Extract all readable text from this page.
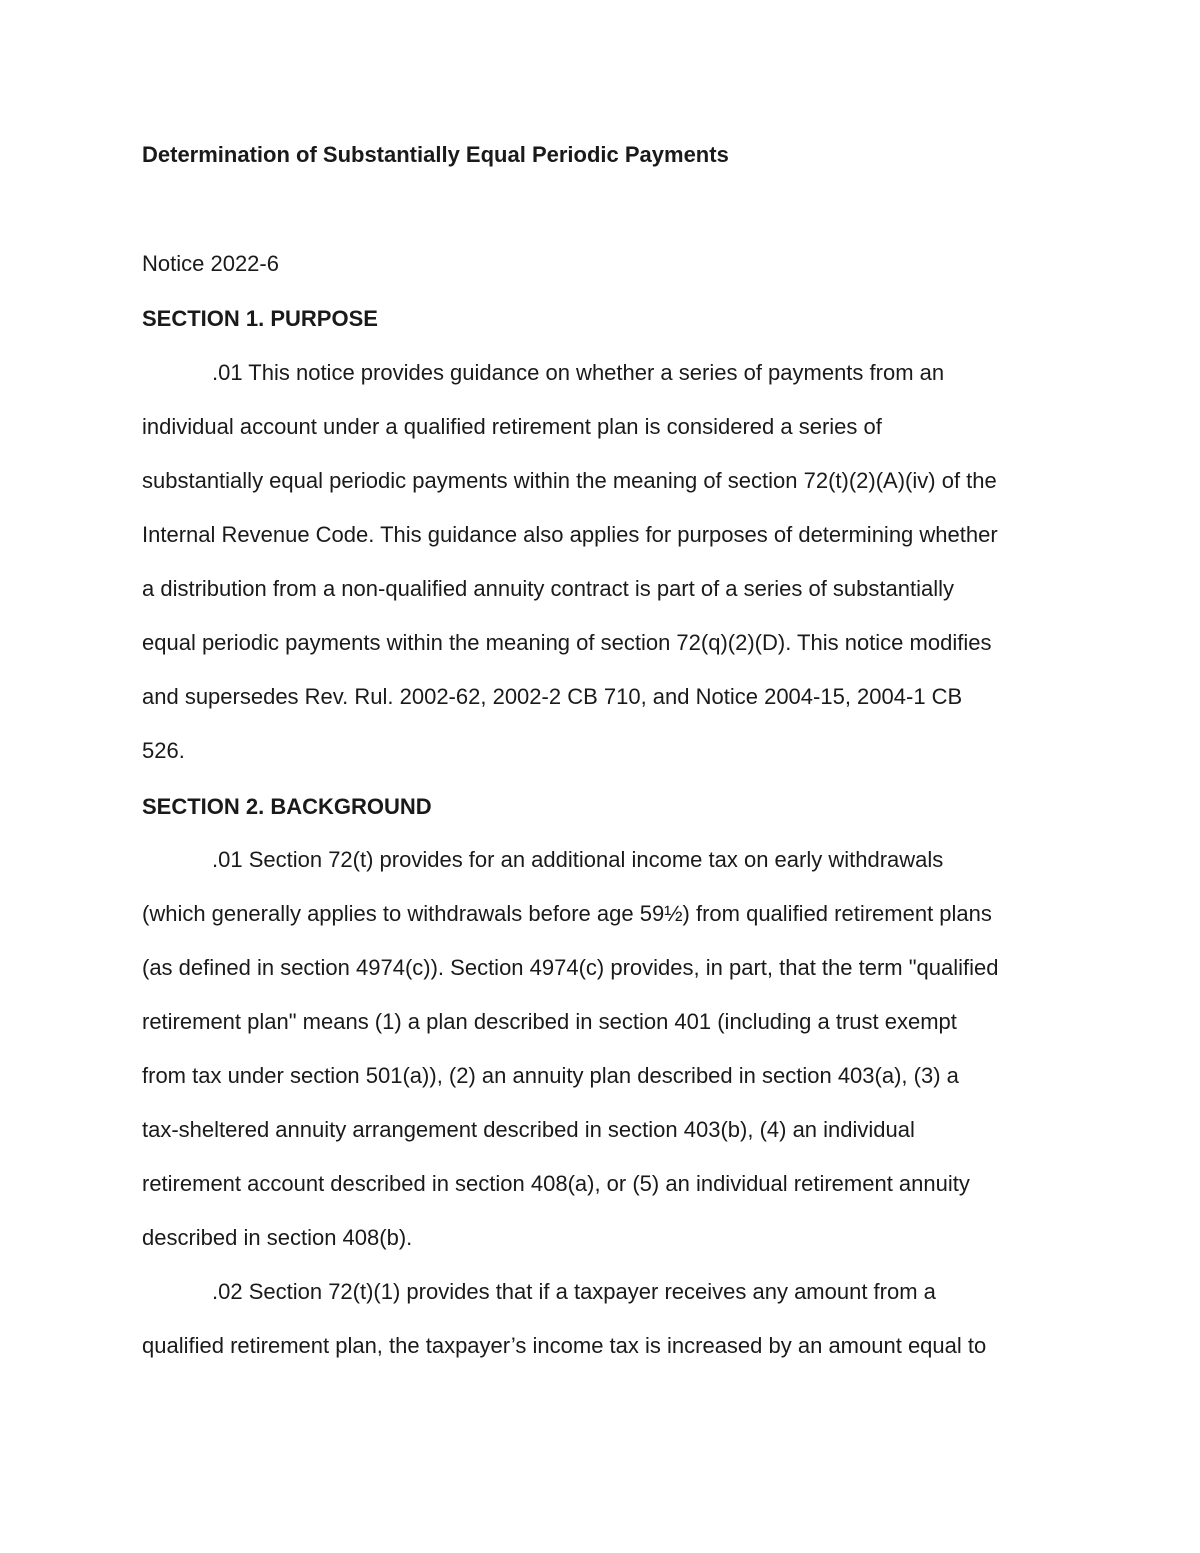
Determination of Substantially Equal Periodic Payments

Notice 2022-6

SECTION 1. PURPOSE

.01 This notice provides guidance on whether a series of payments from an

individual account under a qualified retirement plan is considered a series of

substantially equal periodic payments within the meaning of section 72(t)(2)(A)(iv) of the

Internal Revenue Code. This guidance also applies for purposes of determining whether

a distribution from a non-qualified annuity contract is part of a series of substantially

equal periodic payments within the meaning of section 72(q)(2)(D). This notice modifies

and supersedes Rev. Rul. 2002-62, 2002-2 CB 710, and Notice 2004-15, 2004-1 CB

526.

SECTION 2. BACKGROUND

.01 Section 72(t) provides for an additional income tax on early withdrawals

(which generally applies to withdrawals before age 59½) from qualified retirement plans

(as defined in section 4974(c)). Section 4974(c) provides, in part, that the term "qualified

retirement plan" means (1) a plan described in section 401 (including a trust exempt

from tax under section 501(a)), (2) an annuity plan described in section 403(a), (3) a

tax-sheltered annuity arrangement described in section 403(b), (4) an individual

retirement account described in section 408(a), or (5) an individual retirement annuity

described in section 408(b).

.02 Section 72(t)(1) provides that if a taxpayer receives any amount from a

qualified retirement plan, the taxpayer’s income tax is increased by an amount equal to
